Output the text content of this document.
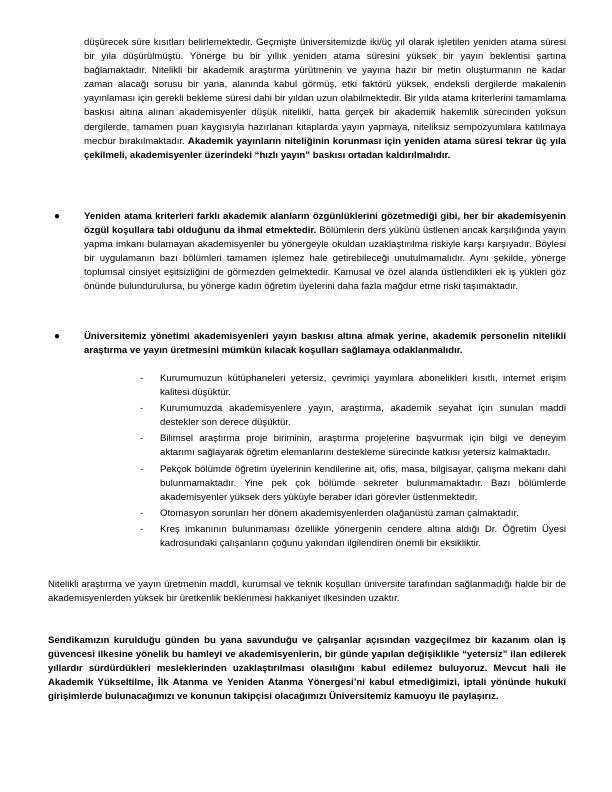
düşürecek süre kısıtları belirlemektedir. Geçmişte üniversitemizde iki/üç yıl olarak işletilen yeniden atama süresi bir yıla düşürülmüştü. Yönerge bu bir yıllık yeniden atama süresini yüksek bir yayın beklentisi şartına bağlamaktadır. Nitelikli bir akademik araştırma yürütmenin ve yayına hazır bir metin oluşturmanın ne kadar zaman alacağı sorusu bir yana, alanında kabul görmüş, etki faktörü yüksek, endeksli dergilerde makalenin yayınlaması için gerekli bekleme süresi dahi bir yıldan uzun olabilmektedir. Bir yılda atama kriterlerini tamamlama baskısı altına alınan akademisyenler düşük nitelikli, hatta gerçek bir akademik hakemlik sürecinden yoksun dergilerde, tamamen puan kaygısıyla hazırlanan kitaplarda yayın yapmaya, niteliksiz sempozyumlara katılmaya mecbur bırakılmaktadır. Akademik yayınların niteliğinin korunması için yeniden atama süresi tekrar üç yıla çekilmeli, akademisyenler üzerindeki “hızlı yayın” baskısı ortadan kaldırılmalıdır.

● Yeniden atama kriterleri farklı akademik alanların özgünlüklerini gözetmediği gibi, her bir akademisyenin özgül koşullara tabi olduğunu da ihmal etmektedir. Bölümlerin ders yükünü üstlenen ancak karşılığında yayın yapma imkanı bulamayan akademisyenler bu yönergeyle okuldan uzaklaştırılma riskiyle karşı karşıyadır. Böylesi bir uygulamanın bazı bölümleri tamamen işlemez hale getirebileceği unutulmamalıdır. Aynı şekilde, yönerge toplumsal cinsiyet eşitsizliğini de görmezden gelmektedir. Kamusal ve özel alanda üstlendikleri ek iş yükleri göz önünde bulundurulursa, bu yönerge kadın öğretim üyelerini daha fazla mağdur etme riski taşımaktadır.

● Üniversitemiz yönetimi akademisyenleri yayın baskısı altına almak yerine, akademik personelin nitelikli araştırma ve yayın üretmesini mümkün kılacak koşulları sağlamaya odaklanmalıdır.

- Kurumumuzun kütüphaneleri yetersiz, çevrimiçi yayınlara abonelikleri kısıtlı, internet erişim kalitesi düşüktür.

- Kurumumuzda akademisyenlere yayın, araştırma, akademik seyahat için sunulan maddi destekler son derece düşüktür.

- Bilimsel araştırma proje biriminin, araştırma projelerine başvurmak için bilgi ve deneyim aktarımı sağlayarak öğretim elemanlarını destekleme sürecinde katkısı yetersiz kalmaktadır.

- Pekçok bölümde öğretim üyelerinin kendilerine ait, ofis, masa, bilgisayar, çalışma mekanı dahi bulunmamaktadır. Yine pek çok bölümde sekreter bulunmamaktadır. Bazı bölümlerde akademisyenler yüksek ders yüküyle beraber idari görevler üstlenmektedir.

- Otomasyon sorunları her dönem akademisyenlerden olağanüstü zaman çalmaktadır.

- Kreş imkanının bulunmaması özellikle yönergenin cendere altına aldığı Dr. Öğretim Üyesi kadrosundaki çalışanların çoğunu yakından ilgilendiren önemli bir eksikliktir.

Nitelikli araştırma ve yayın üretmenin maddî, kurumsal ve teknik koşulları üniversite tarafından sağlanmadığı halde bir de akademisyenlerden yüksek bir üretkenlik beklenmesi hakkaniyet ilkesinden uzaktır.

Sendikamızın kurulduğu günden bu yana savunduğu ve çalışanlar açısından vazgeçilmez bir kazanım olan iş güvencesi ilkesine yönelik bu hamleyi ve akademisyenlerin, bir günde yapılan değişiklikle “yetersiz” ilan edilerek yıllardır sürdürdükleri mesleklerinden uzaklaştırılması olasılığını kabul edilemez buluyoruz. Mevcut hali ile Akademik Yükseltilme, İlk Atanma ve Yeniden Atanma Yönergesi’ni kabul etmediğimizi, iptali yönünde hukukî girişimlerde bulunacağımızı ve konunun takipçisi olacağımızı Üniversitemiz kamuoyu ile paylaşırız.
